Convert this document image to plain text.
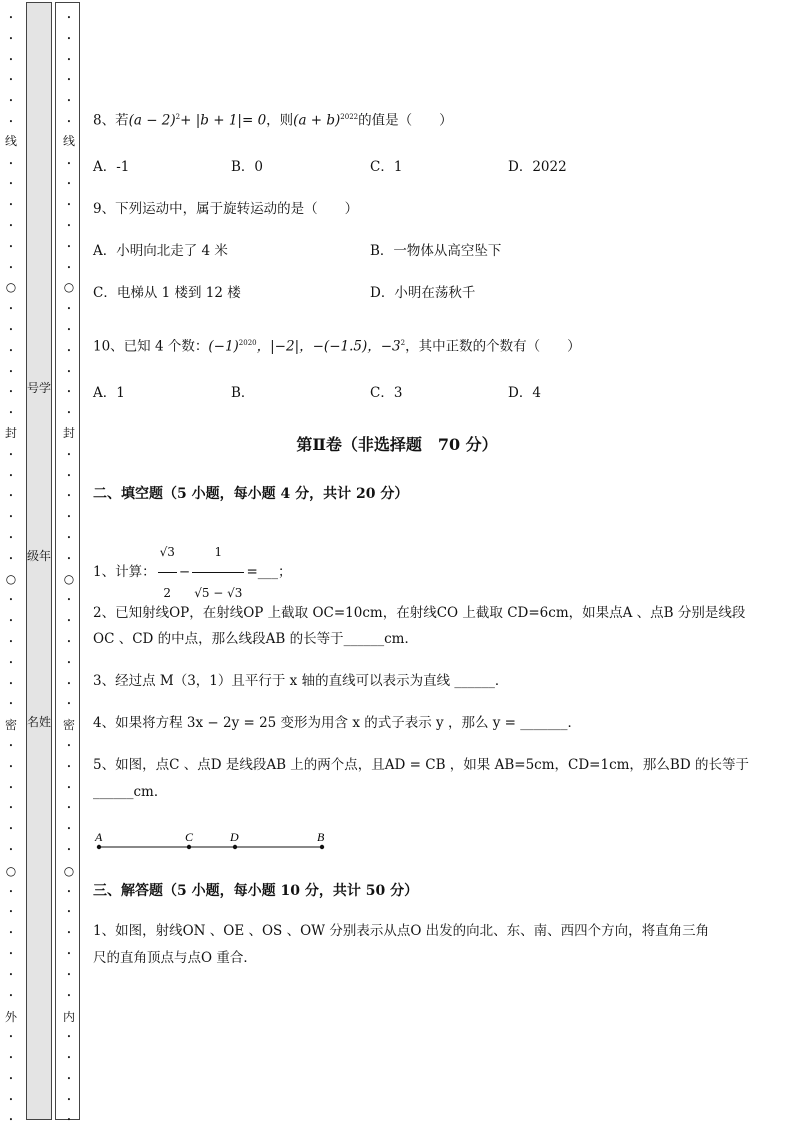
•
•
•
•
•
•
线
•
•
•
•
•
•
○
•
•
•
•
•
•
封
•
•
•
•
•
•
○
•
•
•
•
•
•
密
•
•
•
•
•
•
○
•
•
•
•
•
•
外
•
•
•
•
•
号学
级年
名姓
•
•
•
•
•
•
线
•
•
•
•
•
•
○
•
•
•
•
•
•
封
•
•
•
•
•
•
○
•
•
•
•
•
•
密
•
•
•
•
•
•
○
•
•
•
•
•
•
内
•
•
•
•
•
8、若$(a - 2)^2+ |b + 1|= 0$，则$(a + b)^{2022}$的值是（　　）
A．-1	B．0	C．1	D．2022
9、下列运动中，属于旋转运动的是（　　）
A．小明向北走了 4 米	B．一物体从高空坠下
C．电梯从 1 楼到 12 楼	D．小明在荡秋千
10、已知 4 个数：$(-1)^{2020}$，|−2|，−(−1.5)，$-3^2$，其中正数的个数有（　　）
A．1	B．	C．3	D．4
第Ⅱ卷（非选择题　70 分）
二、填空题（5 小题，每小题 4 分，共计 20 分）
1、计算： $\frac{√3}{2} - \frac{1}{√5 - √3}$ =___；
2、已知射线OP，在射线OP 上截取 OC=10cm，在射线CO 上截取 CD=6cm，如果点A 、点B 分别是线段
OC 、CD 的中点，那么线段AB 的长等于______cm．
3、经过点 M（3，1）且平行于 x 轴的直线可以表示为直线 ______．
4、如果将方程 3x − 2y = 25 变形为用含 x 的式子表示 y ，那么 y = _______．
5、如图，点C 、点D 是线段AB 上的两个点，且AD = CB ，如果 AB=5cm，CD=1cm，那么BD 的长等于
______cm．
A	C	D	B
三、解答题（5 小题，每小题 10 分，共计 50 分）
1、如图，射线ON 、OE 、OS 、OW 分别表示从点O 出发的向北、东、南、西四个方向，将直角三角
尺的直角顶点与点O 重合．
